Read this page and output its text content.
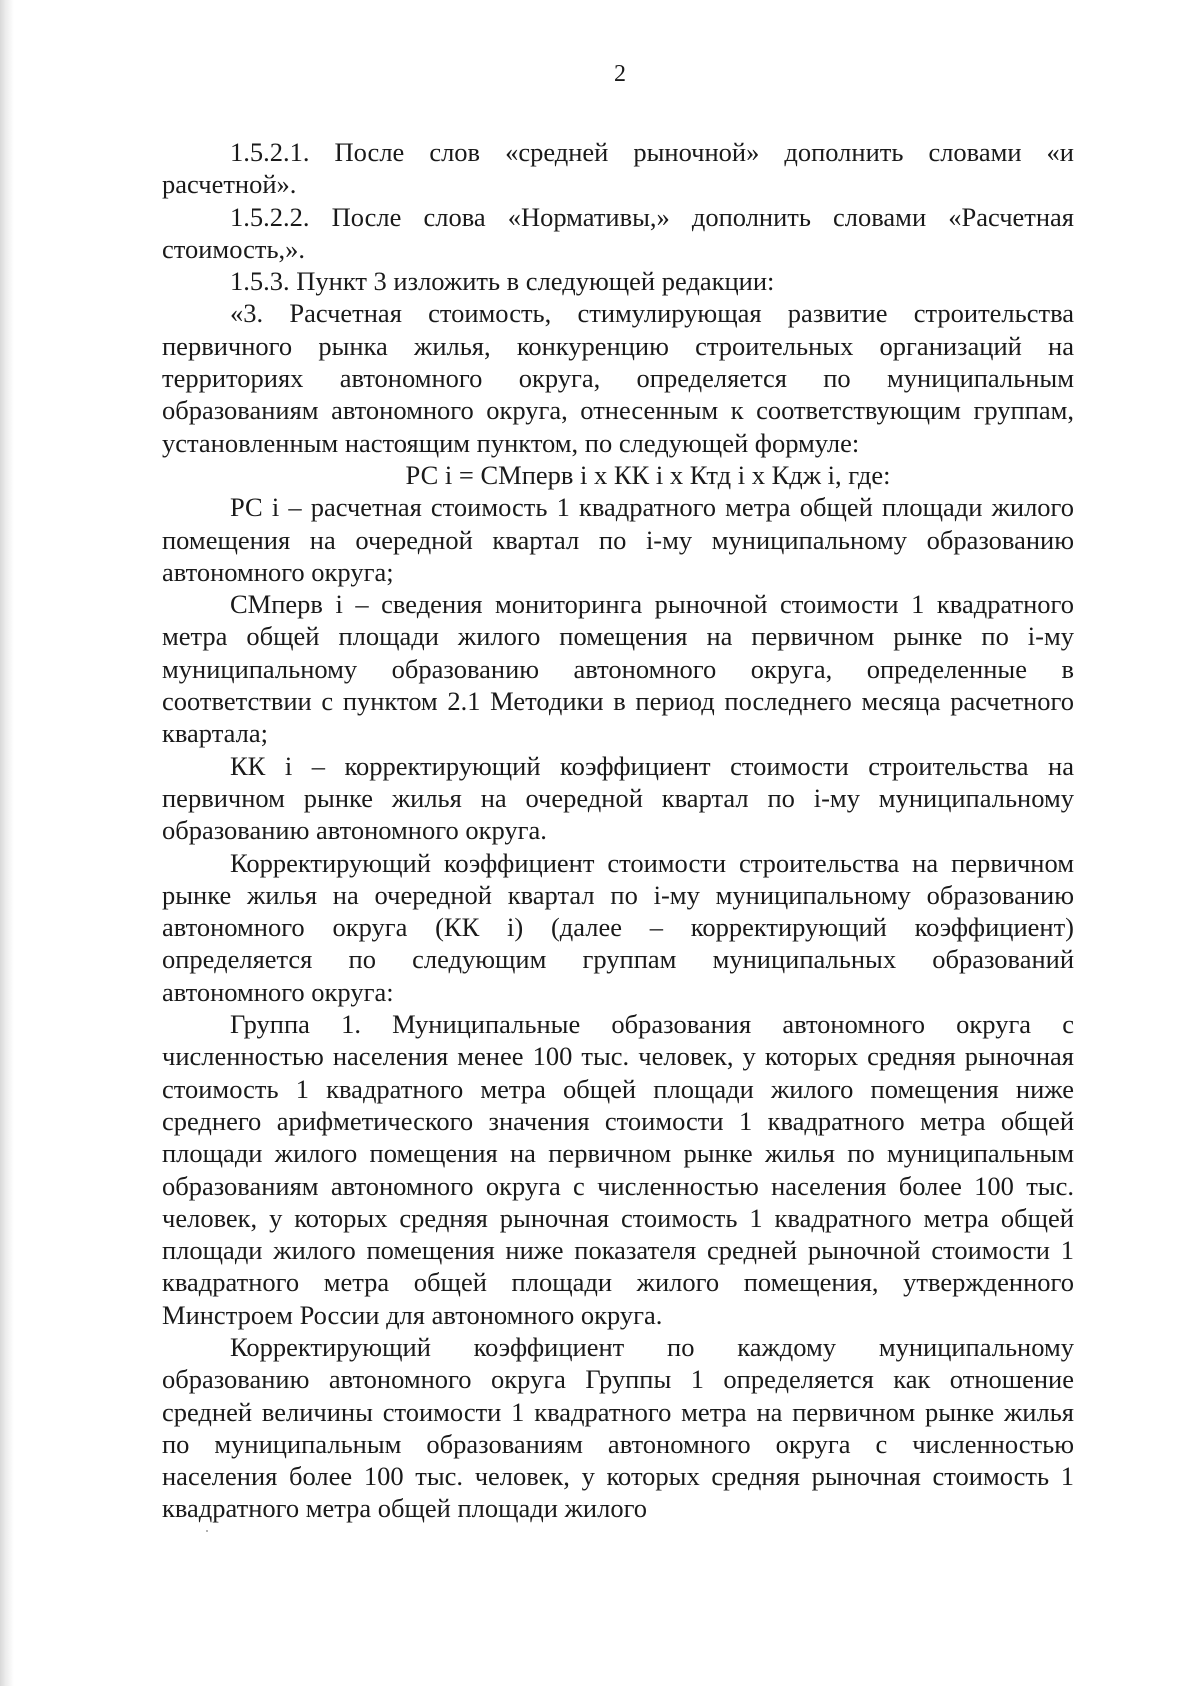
2

1.5.2.1. После слов «средней рыночной» дополнить словами «и расчетной».

1.5.2.2. После слова «Нормативы,» дополнить словами «Расчетная стоимость,».

1.5.3. Пункт 3 изложить в следующей редакции:

«3. Расчетная стоимость, стимулирующая развитие строительства первичного рынка жилья, конкуренцию строительных организаций на территориях автономного округа, определяется по муниципальным образованиям автономного округа, отнесенным к соответствующим группам, установленным настоящим пунктом, по следующей формуле:

РС i = СМперв i х КК i х Ктд i х Кдж i, где:

РС i – расчетная стоимость 1 квадратного метра общей площади жилого помещения на очередной квартал по i-му муниципальному образованию автономного округа;

СМперв i – сведения мониторинга рыночной стоимости 1 квадратного метра общей площади жилого помещения на первичном рынке по i-му муниципальному образованию автономного округа, определенные в соответствии с пунктом 2.1 Методики в период последнего месяца расчетного квартала;

КК i – корректирующий коэффициент стоимости строительства на первичном рынке жилья на очередной квартал по i-му муниципальному образованию автономного округа.

Корректирующий коэффициент стоимости строительства на первичном рынке жилья на очередной квартал по i-му муниципальному образованию автономного округа (КК i) (далее – корректирующий коэффициент) определяется по следующим группам муниципальных образований автономного округа:

Группа 1. Муниципальные образования автономного округа с численностью населения менее 100 тыс. человек, у которых средняя рыночная стоимость 1 квадратного метра общей площади жилого помещения ниже среднего арифметического значения стоимости 1 квадратного метра общей площади жилого помещения на первичном рынке жилья по муниципальным образованиям автономного округа с численностью населения более 100 тыс. человек, у которых средняя рыночная стоимость 1 квадратного метра общей площади жилого помещения ниже показателя средней рыночной стоимости 1 квадратного метра общей площади жилого помещения, утвержденного Минстроем России для автономного округа.

Корректирующий коэффициент по каждому муниципальному образованию автономного округа Группы 1 определяется как отношение средней величины стоимости 1 квадратного метра на первичном рынке жилья по муниципальным образованиям автономного округа с численностью населения более 100 тыс. человек, у которых средняя рыночная стоимость 1 квадратного метра общей площади жилого
